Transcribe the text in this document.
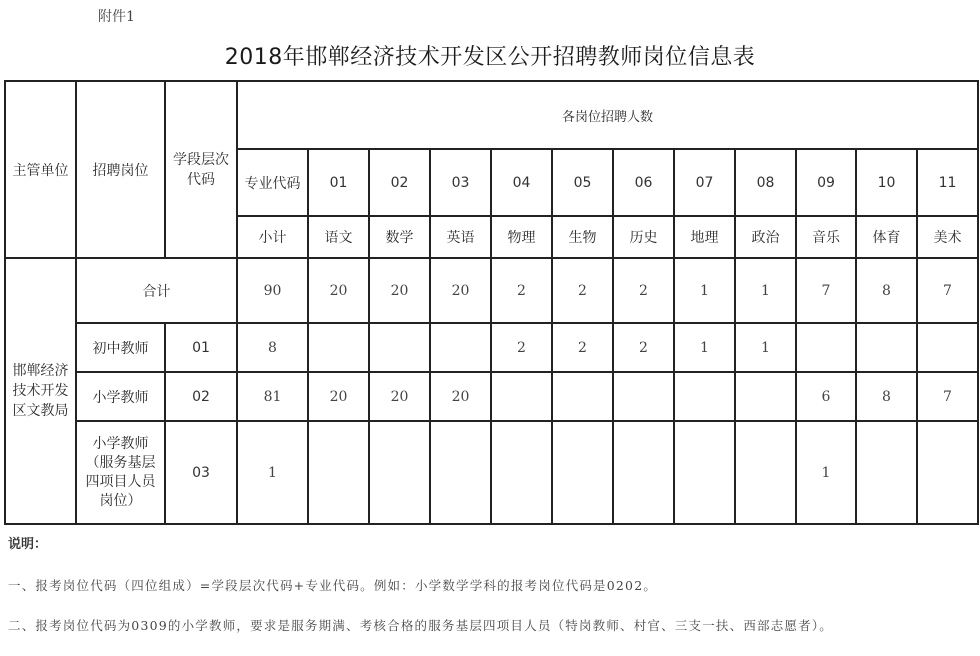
附件1
2018年邯郸经济技术开发区公开招聘教师岗位信息表
主管单位	招聘岗位	学段层次代码	各岗位招聘人数											
			专业代码	01	02	03	04	05	06	07	08	09	10	11
			小计	语文	数学	英语	物理	生物	历史	地理	政治	音乐	体育	美术
邯郸经济技术开发区文教局	合计		90	20	20	20	2	2	2	1	1	7	8	7
	初中教师	01	8				2	2	2	1	1			
	小学教师	02	81	20	20	20						6	8	7
	小学教师（服务基层四项目人员岗位）	03	1									1		
说明：
一、报考岗位代码（四位组成）=学段层次代码+专业代码。例如：小学数学学科的报考岗位代码是0202。
二、报考岗位代码为0309的小学教师，要求是服务期满、考核合格的服务基层四项目人员（特岗教师、村官、三支一扶、西部志愿者）。
